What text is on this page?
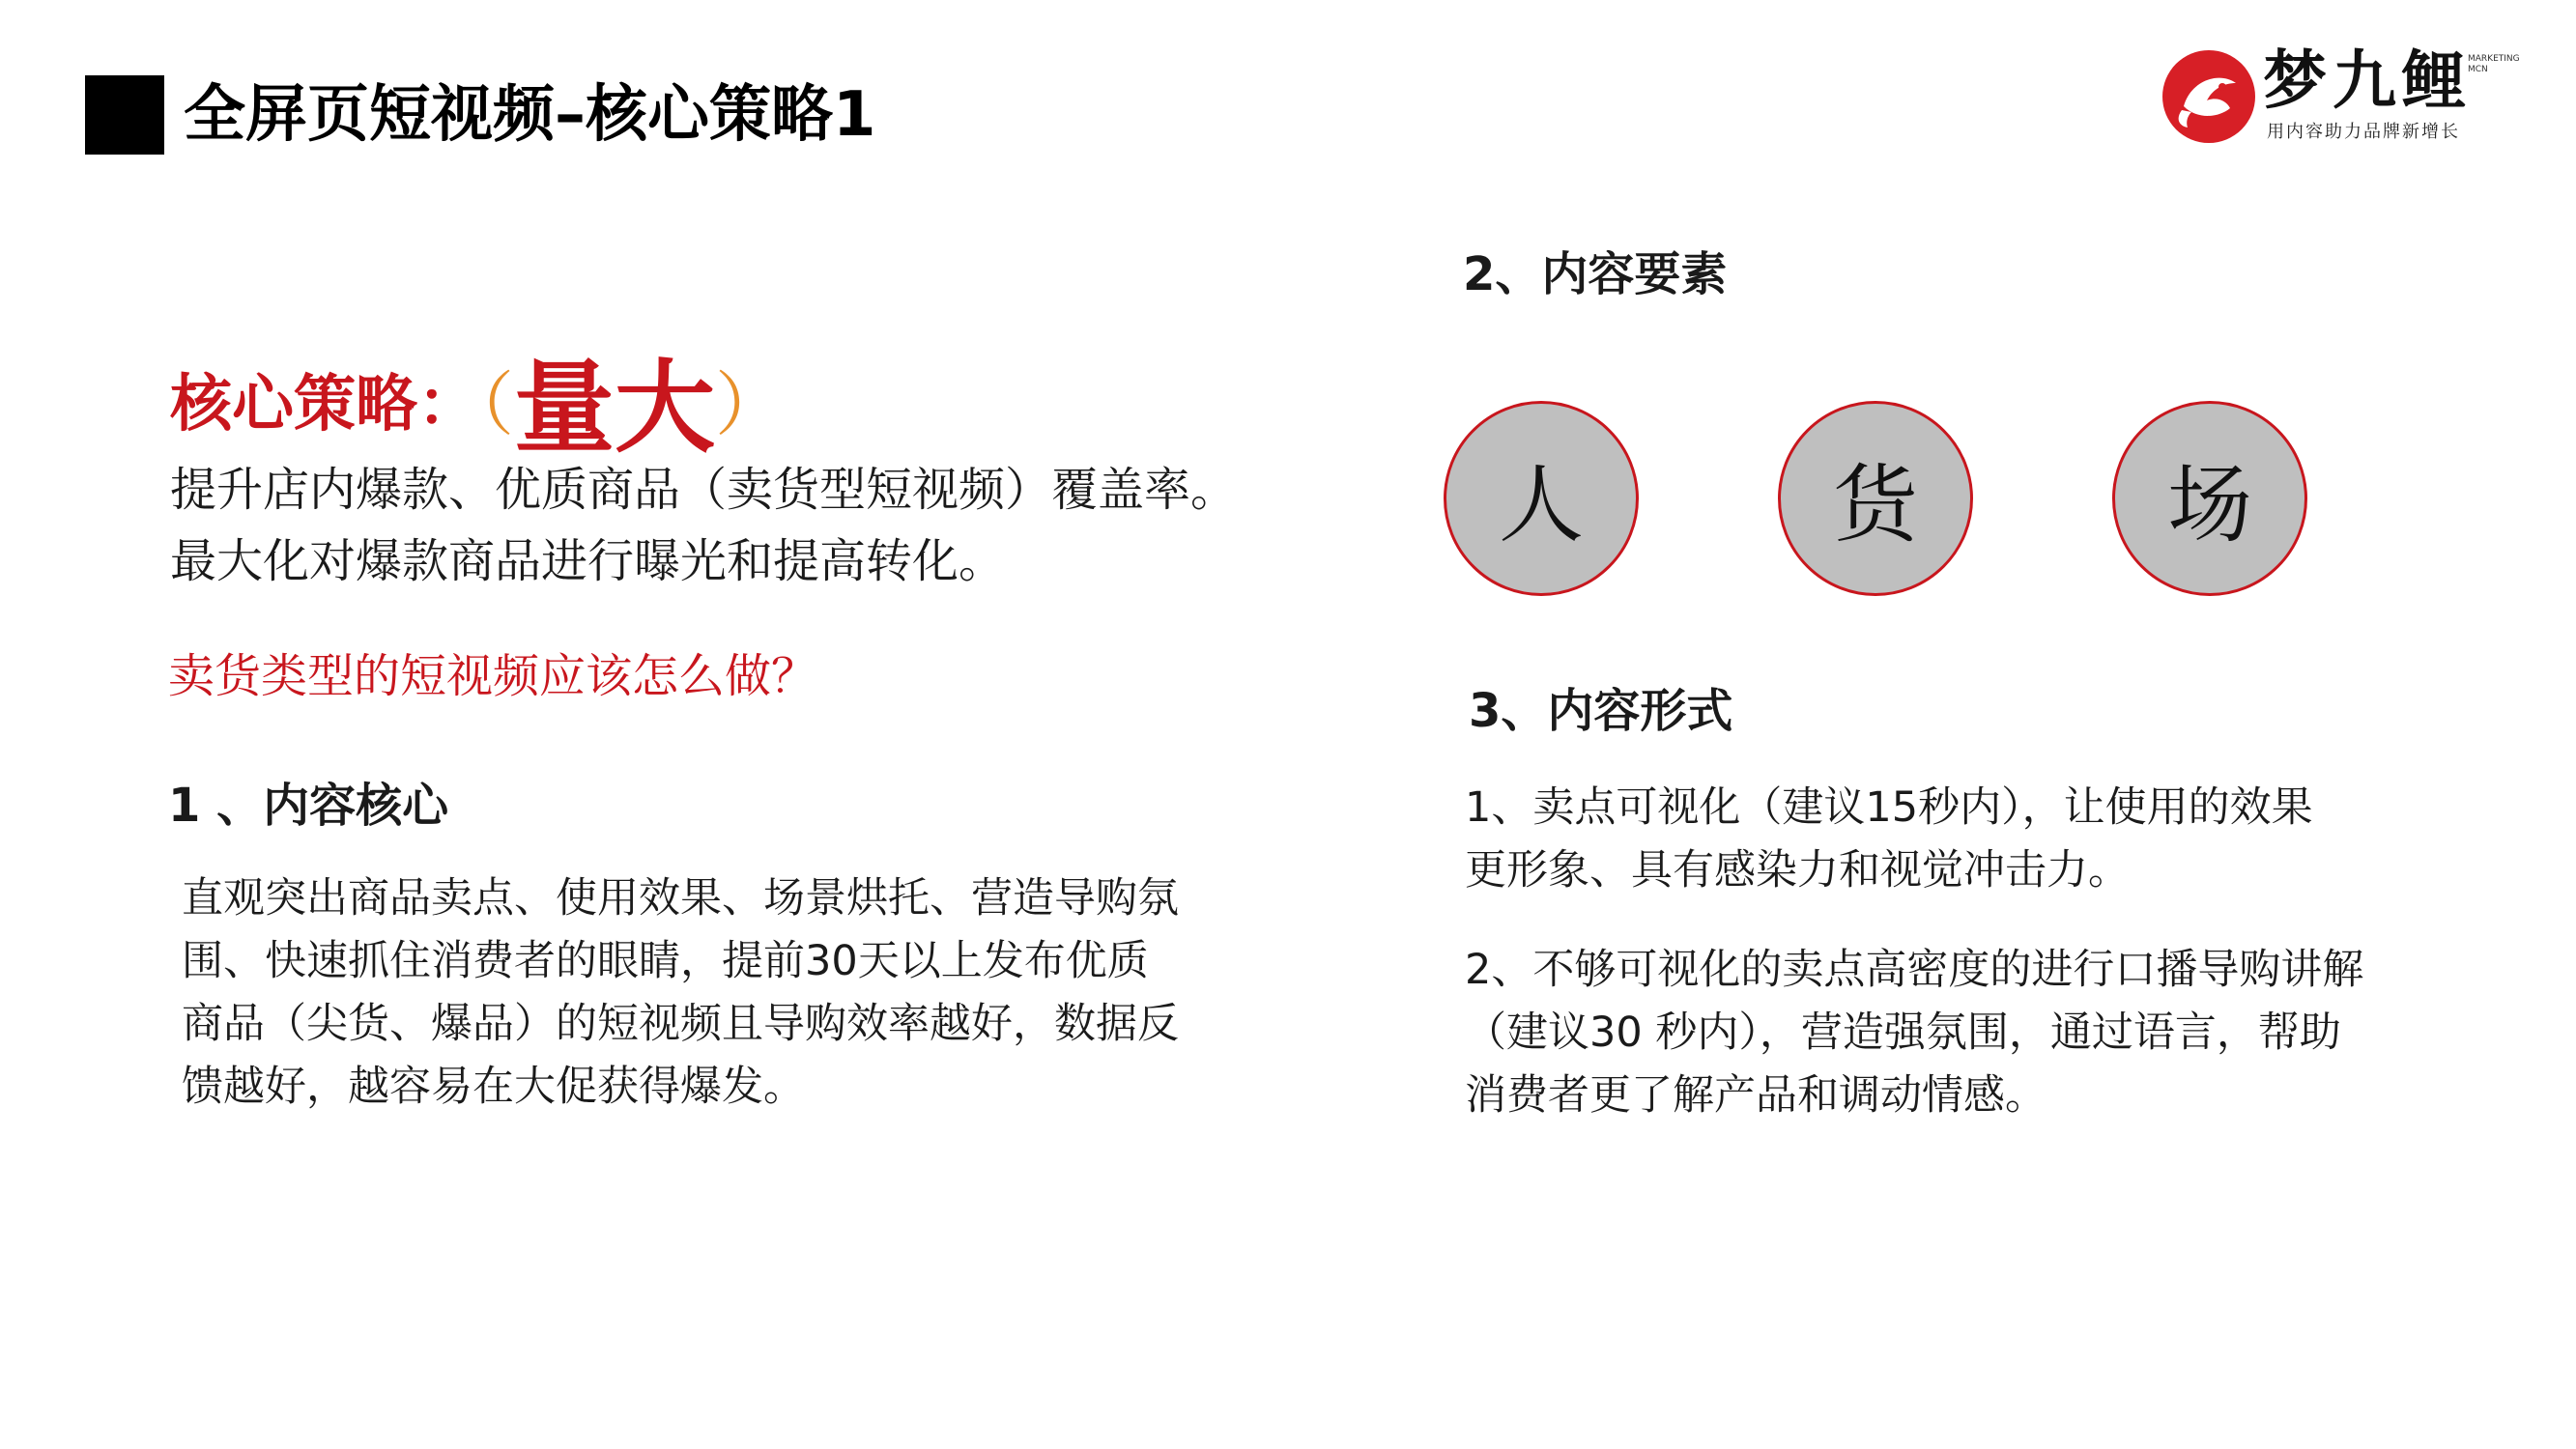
全屏页短视频–核心策略1	梦九鲤
MARKETING
MCN
用内容助力品牌新增长
核心策略：（量大）
提升店内爆款、优质商品（卖货型短视频）覆盖率。
最大化对爆款商品进行曝光和提高转化。
卖货类型的短视频应该怎么做？
1 、内容核心
直观突出商品卖点、使用效果、场景烘托、营造导购氛
围、快速抓住消费者的眼睛，提前30天以上发布优质
商品（尖货、爆品）的短视频且导购效率越好，数据反
馈越好，越容易在大促获得爆发。
2、内容要素
人	货	场
3、内容形式
1、卖点可视化（建议15秒内），让使用的效果
更形象、具有感染力和视觉冲击力。
2、不够可视化的卖点高密度的进行口播导购讲解
（建议30 秒内），营造强氛围，通过语言，帮助
消费者更了解产品和调动情感。
